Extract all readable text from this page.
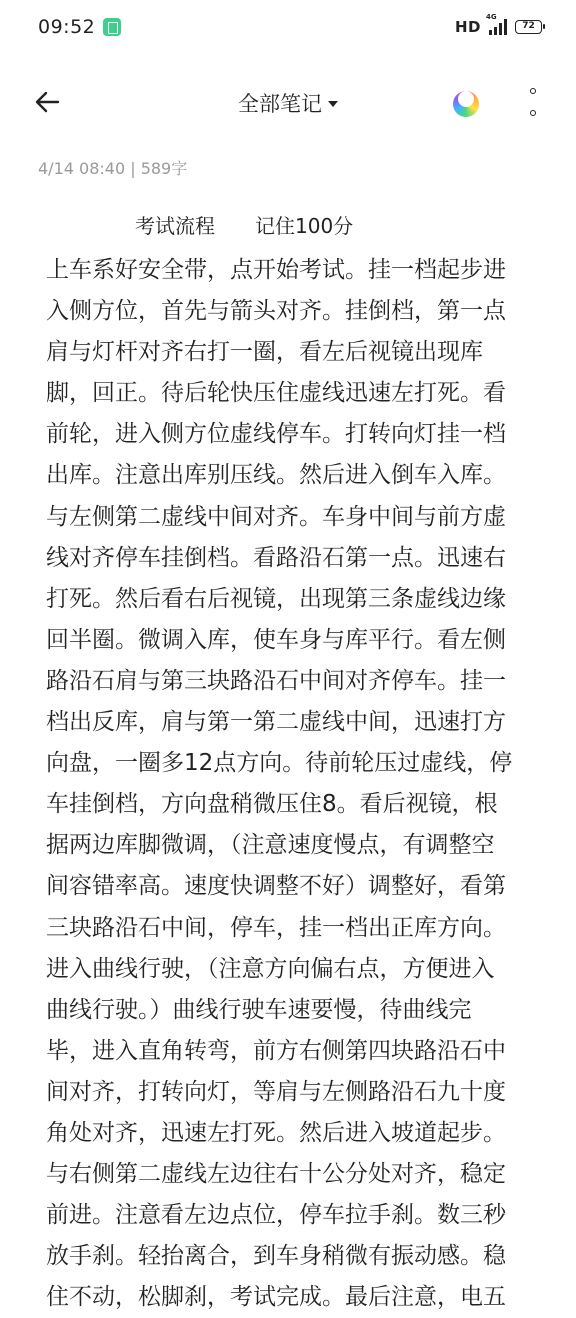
09:52	HD
4G
72
全部笔记
4/14 08:40 | 589字
考试流程　　记住100分
上车系好安全带，点开始考试。挂一档起步进
入侧方位，首先与箭头对齐。挂倒档，第一点
肩与灯杆对齐右打一圈，看左后视镜出现库
脚，回正。待后轮快压住虚线迅速左打死。看
前轮，进入侧方位虚线停车。打转向灯挂一档
出库。注意出库别压线。然后进入倒车入库。
与左侧第二虚线中间对齐。车身中间与前方虚
线对齐停车挂倒档。看路沿石第一点。迅速右
打死。然后看右后视镜，出现第三条虚线边缘
回半圈。微调入库，使车身与库平行。看左侧
路沿石肩与第三块路沿石中间对齐停车。挂一
档出反库，肩与第一第二虚线中间，迅速打方
向盘，一圈多12点方向。待前轮压过虚线，停
车挂倒档，方向盘稍微压住8。看后视镜，根
据两边库脚微调，（注意速度慢点，有调整空
间容错率高。速度快调整不好）调整好，看第
三块路沿石中间，停车，挂一档出正库方向。
进入曲线行驶，（注意方向偏右点，方便进入
曲线行驶。）曲线行驶车速要慢，待曲线完
毕，进入直角转弯，前方右侧第四块路沿石中
间对齐，打转向灯，等肩与左侧路沿石九十度
角处对齐，迅速左打死。然后进入坡道起步。
与右侧第二虚线左边往右十公分处对齐，稳定
前进。注意看左边点位，停车拉手刹。数三秒
放手刹。轻抬离合，到车身稍微有振动感。稳
住不动，松脚刹，考试完成。最后注意，电五
